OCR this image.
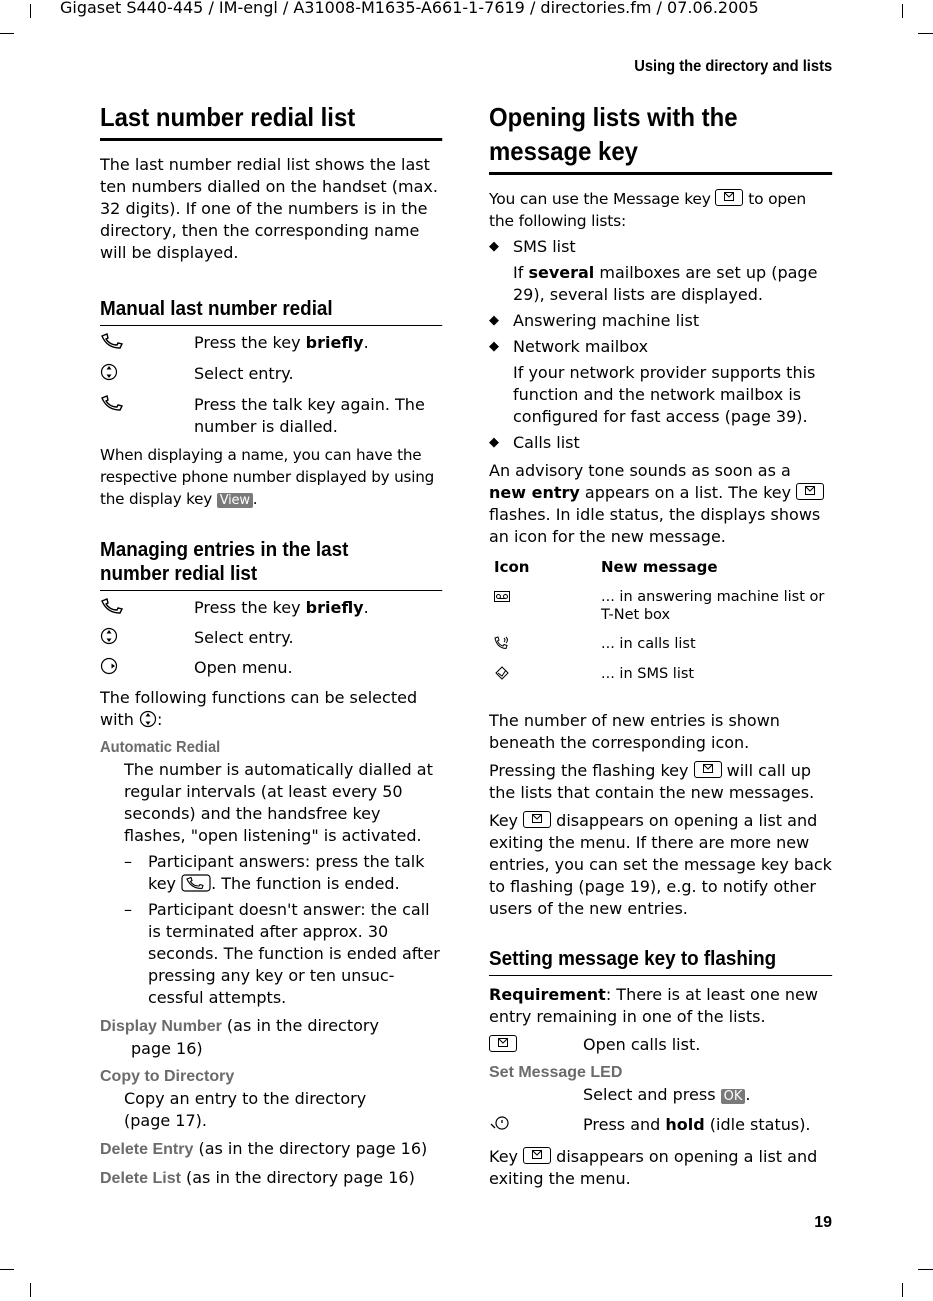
Gigaset S440-445 / IM-engl / A31008-M1635-A661-1-7619 / directories.fm / 07.06.2005
Using the directory and lists
19
Last number redial list

The last number redial list shows the last ten numbers dialled on the handset (max. 32 digits). If one of the numbers is in the directory, then the corresponding name will be displayed.

Manual last number redial
Press the key briefly.
Select entry.
Press the talk key again. The number is dialled.

When displaying a name, you can have the respective phone number displayed by using the display key View .

Managing entries in the last
number redial list
Press the key briefly.
Select entry.
Open menu.

The following functions can be selected with :

Automatic Redial

The number is automatically dialled at regular intervals (at least every 50 seconds) and the handsfree key flashes, "open listening" is activated.

–	Participant answers: press the talk key . The function is ended.
–	Participant doesn't answer: the call is terminated after approx. 30 seconds. The function is ended after pressing any key or ten unsuc-cessful attempts.

Display Number (as in the directory

page 16)

Copy to Directory

Copy an entry to the directory

(page 17).

Delete Entry (as in the directory page 16)

Delete List (as in the directory page 16)

Opening lists with the
message key

You can use the Message key
to open the following lists:

◆ SMS list

If several mailboxes are set up (page 29), several lists are displayed.

◆ Answering machine list
◆ Network mailbox

If your network provider supports this function and the network mailbox is configured for fast access (page 39).

◆ Calls list

An advisory tone sounds as soon as a new entry appears on a list. The key
flashes. In idle status, the displays shows an icon for the new message.

Icon	New message
	... in answering machine list or T-Net box
	... in calls list
	... in SMS list

The number of new entries is shown beneath the corresponding icon.

Pressing the flashing key
will call up the lists that contain the new messages.

Key
disappears on opening a list and exiting the menu. If there are more new entries, you can set the message key back to flashing (page 19), e.g. to notify other users of the new entries.

Setting message key to flashing

Requirement: There is at least one new entry remaining in one of the lists.

Open calls list.
Set Message LED

Select and press OK .

Press and hold (idle status).

Key
disappears on opening a list and exiting the menu.
